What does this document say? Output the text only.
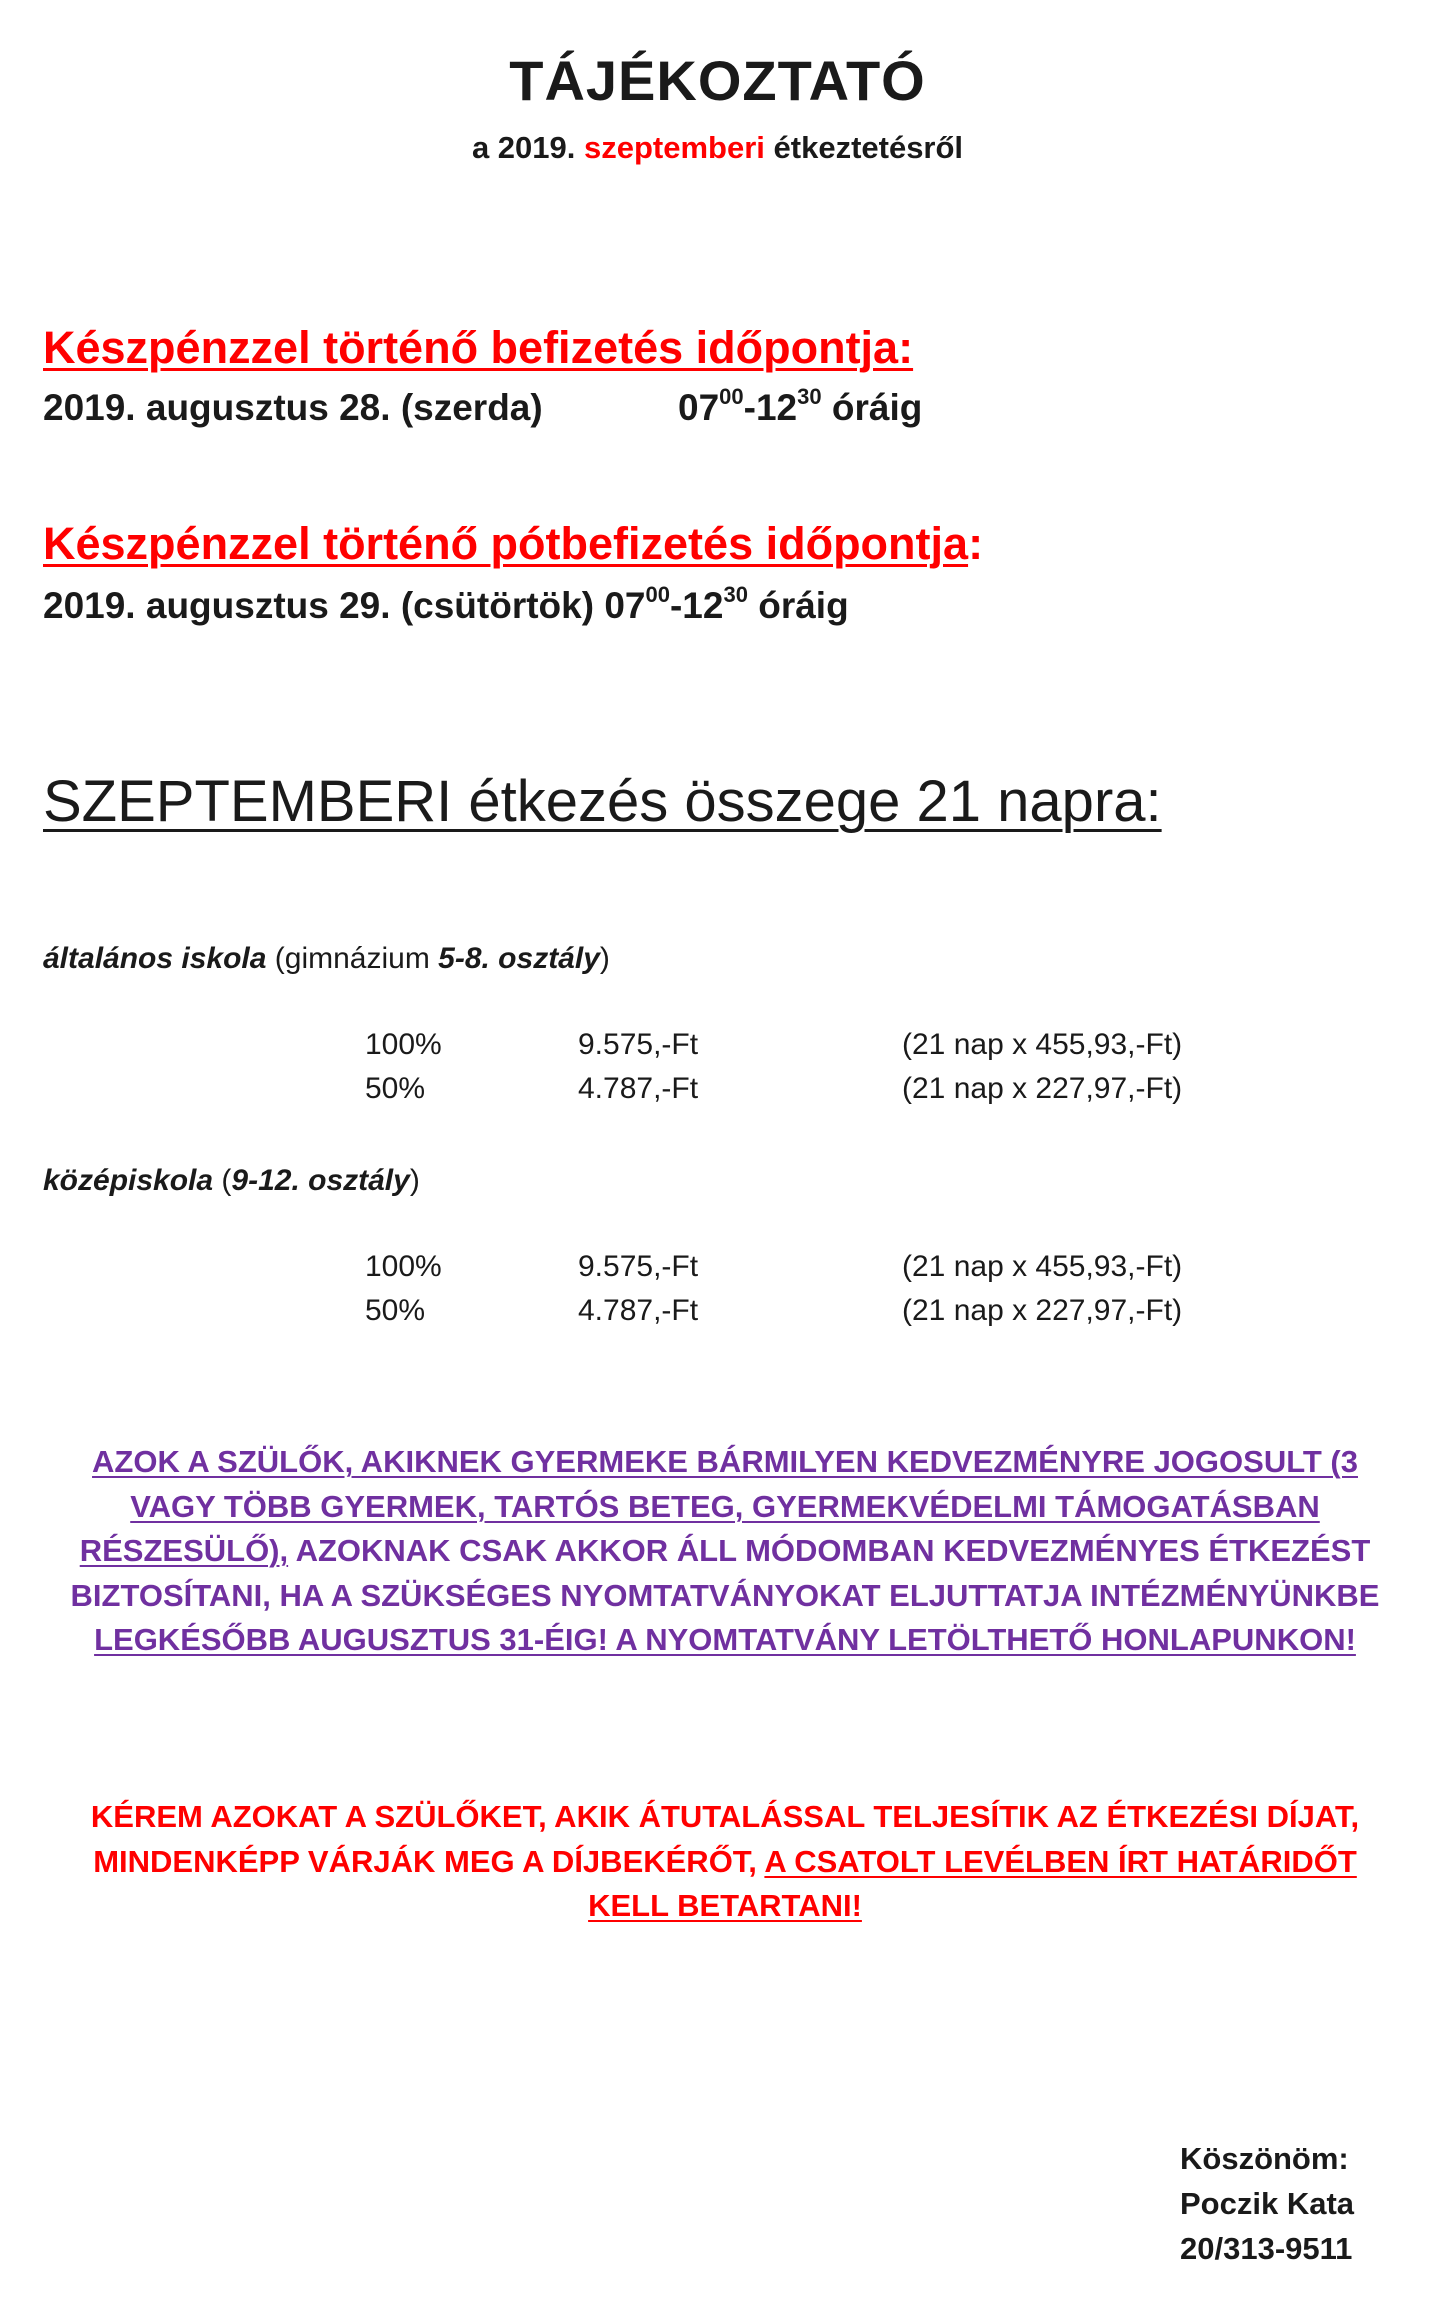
TÁJÉKOZTATÓ
a 2019. szeptemberi étkeztetésről
Készpénzzel történő befizetés időpontja:
2019. augusztus 28. (szerda)	$07^{00}-12^{30}$ óráig
Készpénzzel történő pótbefizetés időpontja:
2019. augusztus 29. (csütörtök) $07^{00}-12^{30}$ óráig
SZEPTEMBERI étkezés összege 21 napra:
általános iskola (gimnázium 5-8. osztály)
100%	9.575,-Ft	(21 nap x 455,93,-Ft)
50%	4.787,-Ft	(21 nap x 227,97,-Ft)
középiskola (9-12. osztály)
100%	9.575,-Ft	(21 nap x 455,93,-Ft)
50%	4.787,-Ft	(21 nap x 227,97,-Ft)
AZOK A SZÜLŐK, AKIKNEK GYERMEKE BÁRMILYEN KEDVEZMÉNYRE JOGOSULT (3 VAGY TÖBB GYERMEK, TARTÓS BETEG, GYERMEKVÉDELMI TÁMOGATÁSBAN RÉSZESÜLŐ), AZOKNAK CSAK AKKOR ÁLL MÓDOMBAN KEDVEZMÉNYES ÉTKEZÉST BIZTOSÍTANI, HA A SZÜKSÉGES NYOMTATVÁNYOKAT ELJUTTATJA INTÉZMÉNYÜNKBE LEGKÉSŐBB AUGUSZTUS 31-ÉIG! A NYOMTATVÁNY LETÖLTHETŐ HONLAPUNKON!
KÉREM AZOKAT A SZÜLŐKET, AKIK ÁTUTALÁSSAL TELJESÍTIK AZ ÉTKEZÉSI DÍJAT, MINDENKÉPP VÁRJÁK MEG A DÍJBEKÉRŐT, A CSATOLT LEVÉLBEN ÍRT HATÁRIDŐT KELL BETARTANI!
Köszönöm:
Poczik Kata
20/313-9511
